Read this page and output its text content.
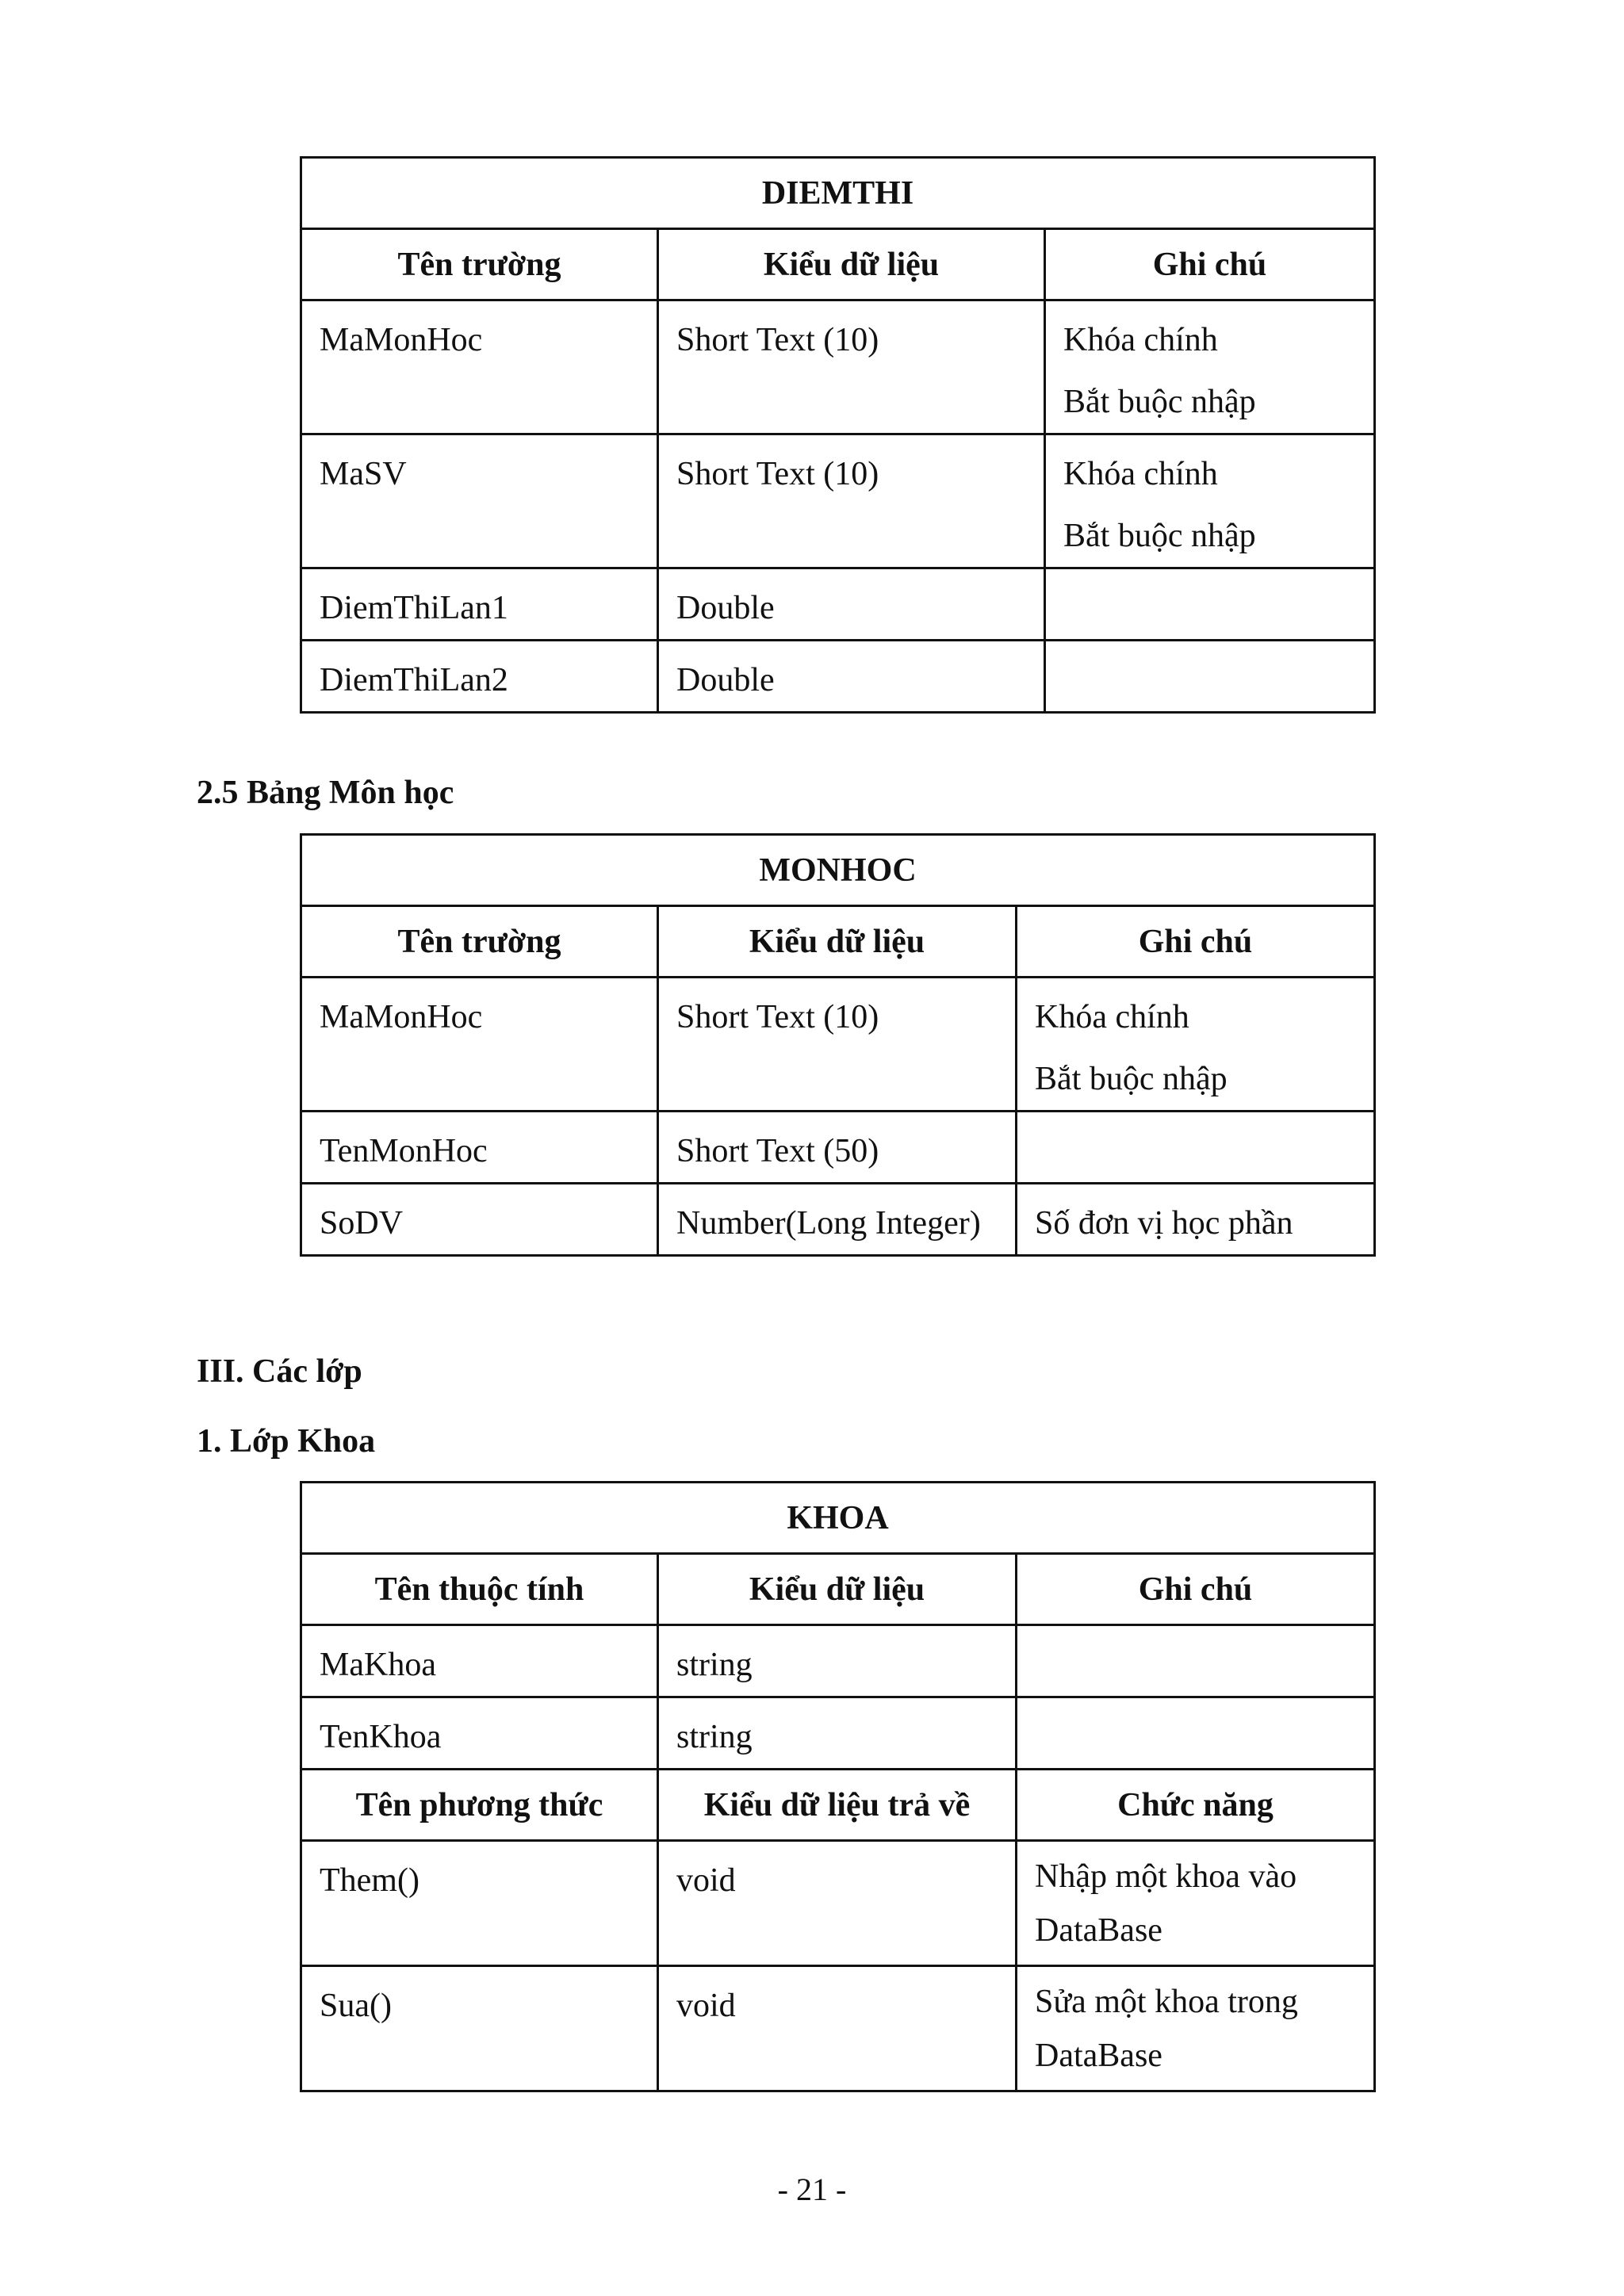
DIEMTHI		
Tên trường	Kiểu dữ liệu	Ghi chú
MaMonHoc	Short Text (10)	Khóa chính
Bắt buộc nhập
MaSV	Short Text (10)	Khóa chính
Bắt buộc nhập
DiemThiLan1	Double	
DiemThiLan2	Double	
2.5 Bảng Môn học
MONHOC		
Tên trường	Kiểu dữ liệu	Ghi chú
MaMonHoc	Short Text (10)	Khóa chính
Bắt buộc nhập
TenMonHoc	Short Text (50)	
SoDV	Number(Long Integer)	Số đơn vị học phần
III. Các lớp
1. Lớp Khoa
KHOA		
Tên thuộc tính	Kiểu dữ liệu	Ghi chú
MaKhoa	string	
TenKhoa	string	
Tên phương thức	Kiểu dữ liệu trả về	Chức năng
Them()	void	Nhập một khoa vào
DataBase
Sua()	void	Sửa một khoa trong
DataBase
- 21 -
